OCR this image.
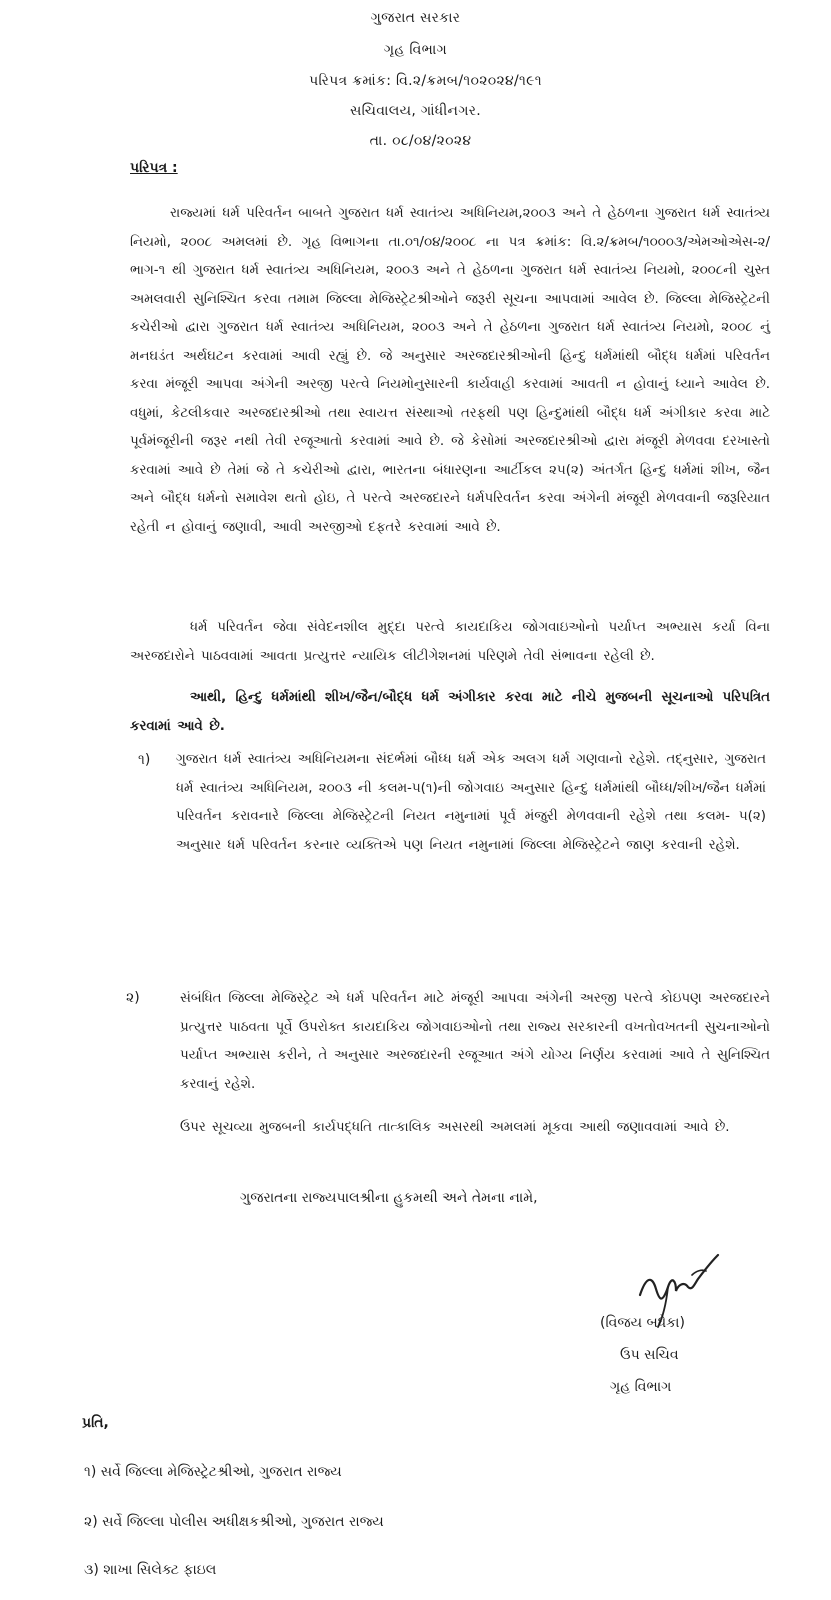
ગુજરાત સરકાર
ગૃહ વિભાગ
પરિપત્ર ક્રમાંક: વિ.૨/ક્રમબ/૧૦૨૦૨૪/૧૯૧
સચિવાલય, ગાંધીનગર.
તા. ૦૮/૦૪/૨૦૨૪
પરિપત્ર :
રાજ્યમાં ધર્મ પરિવર્તન બાબતે ગુજરાત ધર્મ સ્વાતંત્ર્ય અધિનિયમ,૨૦૦૩ અને તે હેઠળના ગુજરાત ધર્મ સ્વાતંત્ર્ય નિયમો, ૨૦૦૮ અમલમાં છે. ગૃહ વિભાગના તા.૦૧/૦૪/૨૦૦૮ ના પત્ર ક્રમાંક: વિ.૨/ક્રમબ/૧૦૦૦૩/એમઓએસ-૨/ભાગ-૧ થી ગુજરાત ધર્મ સ્વાતંત્ર્ય અધિનિયમ, ૨૦૦૩ અને તે હેઠળના ગુજરાત ધર્મ સ્વાતંત્ર્ય નિયમો, ૨૦૦૮ની ચુસ્ત અમલવારી સુનિશ્ચિત કરવા તમામ જિલ્લા મેજિસ્ટ્રેટશ્રીઓને જરૂરી સૂચના આપવામાં આવેલ છે. જિલ્લા મેજિસ્ટ્રેટની કચેરીઓ દ્વારા ગુજરાત ધર્મ સ્વાતંત્ર્ય અધિનિયમ, ૨૦૦૩ અને તે હેઠળના ગુજરાત ધર્મ સ્વાતંત્ર્ય નિયમો, ૨૦૦૮ નું મનઘડંત અર્થઘટન કરવામાં આવી રહ્યું છે. જે અનુસાર અરજદારશ્રીઓની હિન્દુ ધર્મમાંથી બૌદ્ધ ધર્મમાં પરિવર્તન કરવા મંજૂરી આપવા અંગેની અરજી પરત્વે નિયમોનુસારની કાર્યવાહી કરવામાં આવતી ન હોવાનું ધ્યાને આવેલ છે. વધુમાં, કેટલીકવાર અરજદારશ્રીઓ તથા સ્વાયત્ત સંસ્થાઓ તરફથી પણ હિન્દુમાંથી બૌદ્ધ ધર્મ અંગીકાર કરવા માટે પૂર્વમંજૂરીની જરૂર નથી તેવી રજૂઆતો કરવામાં આવે છે. જે કેસોમાં અરજદારશ્રીઓ દ્વારા મંજૂરી મેળવવા દરખાસ્તો કરવામાં આવે છે તેમાં જે તે કચેરીઓ દ્વારા, ભારતના બંધારણના આર્ટીકલ ૨૫(૨) અંતર્ગત હિન્દુ ધર્મમાં શીખ, જૈન અને બૌદ્ધ ધર્મનો સમાવેશ થતો હોઇ, તે પરત્વે અરજદારને ધર્મપરિવર્તન કરવા અંગેની મંજૂરી મેળવવાની જરૂરિયાત રહેતી ન હોવાનું જણાવી, આવી અરજીઓ દફતરે કરવામાં આવે છે.
ધર્મ પરિવર્તન જેવા સંવેદનશીલ મુદ્દા પરત્વે કાયદાકિય જોગવાઇઓનો પર્યાપ્ત અભ્યાસ કર્યા વિના અરજદારોને પાઠવવામાં આવતા પ્રત્યુત્તર ન્યાયિક લીટીગેશનમાં પરિણમે તેવી સંભાવના રહેલી છે.
આથી, હિન્દુ ધર્મમાંથી શીખ/જૈન/બૌદ્ધ ધર્મ અંગીકાર કરવા માટે નીચે મુજબની સૂચનાઓ પરિપત્રિત કરવામાં આવે છે.
૧) ગુજરાત ધર્મ સ્વાતંત્ર્ય અધિનિયમના સંદર્ભમાં બૌધ્ધ ધર્મ એક અલગ ધર્મ ગણવાનો રહેશે. તદ્નુસાર, ગુજરાત ધર્મ સ્વાતંત્ર્ય અધિનિયમ, ૨૦૦૩ ની કલમ-૫(૧)ની જોગવાઇ અનુસાર હિન્દુ ધર્મમાંથી બૌધ્ધ/શીખ/જૈન ધર્મમાં પરિવર્તન કરાવનારે જિલ્લા મેજિસ્ટ્રેટની નિયત નમુનામાં પૂર્વ મંજુરી મેળવવાની રહેશે તથા કલમ- ૫(૨) અનુસાર ધર્મ પરિવર્તન કરનાર વ્યક્તિએ પણ નિયત નમુનામાં જિલ્લા મેજિસ્ટ્રેટને જાણ કરવાની રહેશે.
૨)	સંબંધિત જિલ્લા મેજિસ્ટ્રેટ એ ધર્મ પરિવર્તન માટે મંજૂરી આપવા અંગેની અરજી પરત્વે કોઇપણ અરજદારને પ્રત્યુત્તર પાઠવતા પૂર્વે ઉપરોક્ત કાયદાકિય જોગવાઇઓનો તથા રાજ્ય સરકારની વખતોવખતની સુચનાઓનો પર્યાપ્ત અભ્યાસ કરીને, તે અનુસાર અરજદારની રજૂઆત અંગે યોગ્ય નિર્ણય કરવામાં આવે તે સુનિશ્ચિત કરવાનું રહેશે.
ઉપર સૂચવ્યા મુજબની કાર્યપદ્ધતિ તાત્કાલિક અસરથી અમલમાં મૂકવા આથી જણાવવામાં આવે છે.
ગુજરાતના રાજ્યપાલશ્રીના હુકમથી અને તેમના નામે,
(વિજય બધેકા)
ઉપ સચિવ
ગૃહ વિભાગ
પ્રતિ,
૧) સર્વે જિલ્લા મેજિસ્ટ્રેટશ્રીઓ, ગુજરાત રાજ્ય
૨) સર્વે જિલ્લા પોલીસ અધીક્ષકશ્રીઓ, ગુજરાત રાજ્ય
૩) શાખા સિલેક્ટ ફાઇલ
